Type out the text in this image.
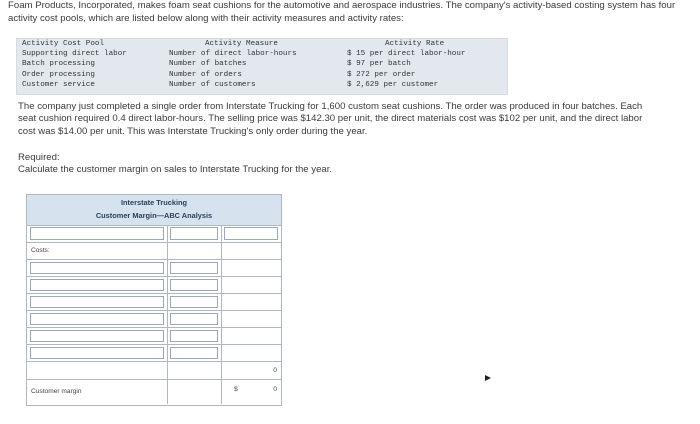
Foam Products, Incorporated, makes foam seat cushions for the automotive and aerospace industries. The company's activity-based costing system has four activity cost pools, which are listed below along with their activity measures and activity rates:
Activity Cost Pool	Activity Measure	Activity Rate
Supporting direct labor	Number of direct labor-hours	$ 15 per direct labor-hour
Batch processing	Number of batches	$ 97 per batch
Order processing	Number of orders	$ 272 per order
Customer service	Number of customers	$ 2,629 per customer
The company just completed a single order from Interstate Trucking for 1,600 custom seat cushions. The order was produced in four batches. Each seat cushion required 0.4 direct labor-hours. The selling price was $142.30 per unit, the direct materials cost was $102 per unit, and the direct labor cost was $14.00 per unit. This was Interstate Trucking's only order during the year.
Required:
Calculate the customer margin on sales to Interstate Trucking for the year.
Interstate Trucking
Customer Margin—ABC Analysis
Costs:
0
Customer margin	$	0
